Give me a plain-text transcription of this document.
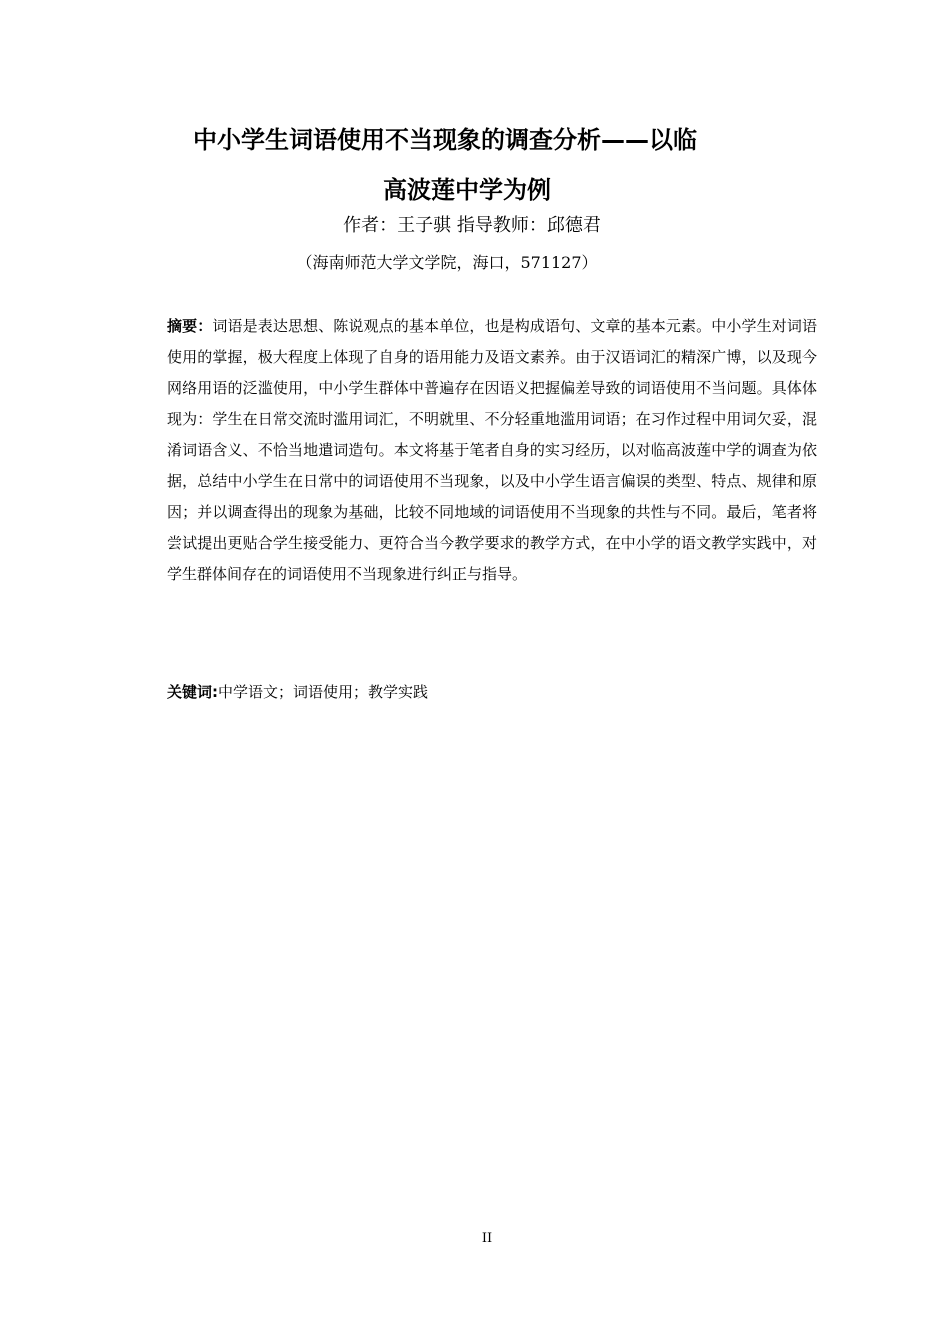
中小学生词语使用不当现象的调查分析——以临
高波莲中学为例
作者：王子骐 指导教师：邱德君
（海南师范大学文学院，海口，571127）

摘要：词语是表达思想、陈说观点的基本单位，也是构成语句、文章的基本元素。中小学生对词语使用的掌握，极大程度上体现了自身的语用能力及语文素养。由于汉语词汇的精深广博，以及现今网络用语的泛滥使用，中小学生群体中普遍存在因语义把握偏差导致的词语使用不当问题。具体体现为：学生在日常交流时滥用词汇，不明就里、不分轻重地滥用词语；在习作过程中用词欠妥，混淆词语含义、不恰当地遣词造句。本文将基于笔者自身的实习经历，以对临高波莲中学的调查为依据，总结中小学生在日常中的词语使用不当现象，以及中小学生语言偏误的类型、特点、规律和原因；并以调查得出的现象为基础，比较不同地域的词语使用不当现象的共性与不同。最后，笔者将尝试提出更贴合学生接受能力、更符合当今教学要求的教学方式，在中小学的语文教学实践中，对学生群体间存在的词语使用不当现象进行纠正与指导。

关键词:中学语文；词语使用；教学实践

II
